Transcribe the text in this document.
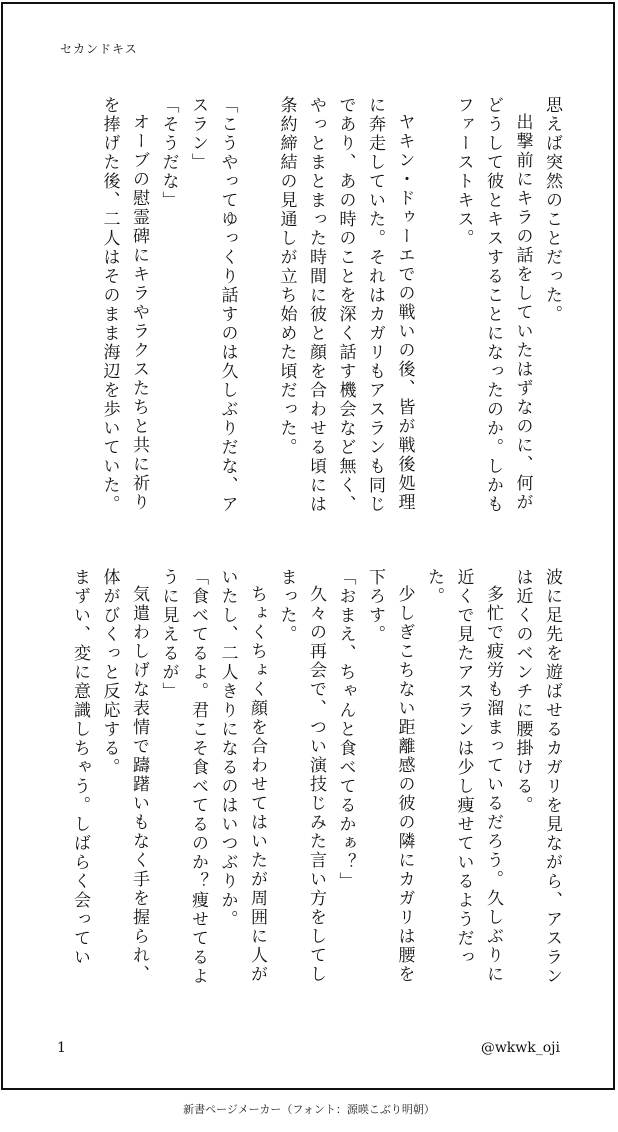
セカンドキス

思えば突然のことだった。

出撃前にキラの話をしていたはずなのに、何がどうして彼とキスすることになったのか。しかもファーストキス。

ヤキン・ドゥーエでの戦いの後、皆が戦後処理に奔走していた。それはカガリもアスランも同じであり、あの時のことを深く話す機会など無く、やっとまとまった時間に彼と顔を合わせる頃には条約締結の見通しが立ち始めた頃だった。

「こうやってゆっくり話すのは久しぶりだな、アスラン」

「そうだな」

オーブの慰霊碑にキラやラクスたちと共に祈りを捧げた後、二人はそのまま海辺を歩いていた。

波に足先を遊ばせるカガリを見ながら、アスランは近くのベンチに腰掛ける。

多忙で疲労も溜まっているだろう。久しぶりに近くで見たアスランは少し痩せているようだった。

少しぎこちない距離感の彼の隣にカガリは腰を下ろす。

「おまえ、ちゃんと食べてるかぁ？」

久々の再会で、つい演技じみた言い方をしてしまった。

ちょくちょく顔を合わせてはいたが周囲に人がいたし、二人きりになるのはいつぶりか。

「食べてるよ。君こそ食べてるのか？痩せてるように見えるが」

気遣わしげな表情で躊躇いもなく手を握られ、体がびくっと反応する。

まずい、変に意識しちゃう。しばらく会ってい

1	@wkwk_oji
新書ページメーカー（フォント：源暎こぶり明朝）
